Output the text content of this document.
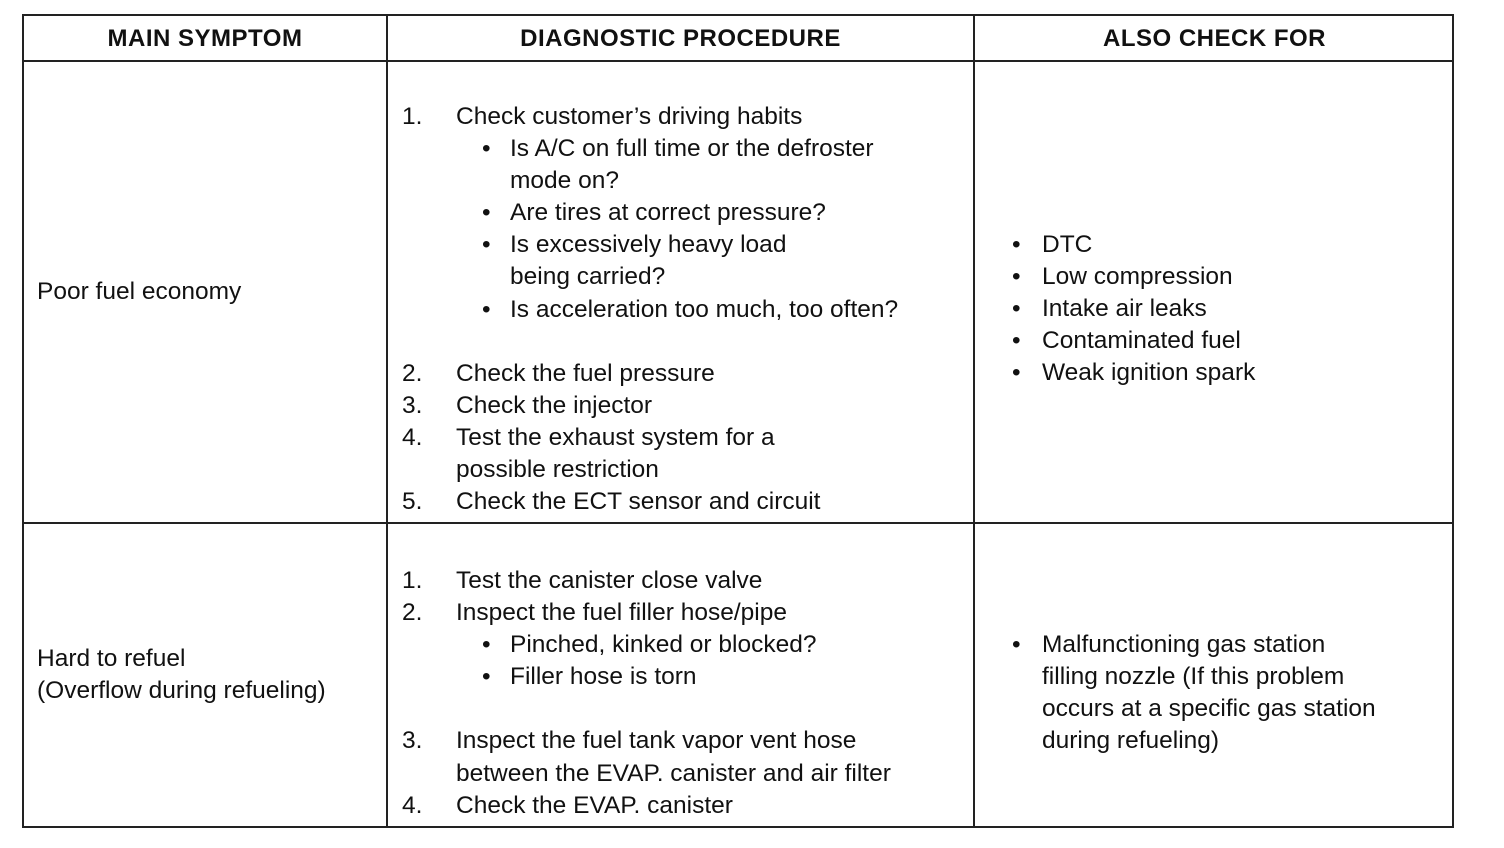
MAIN SYMPTOM	DIAGNOSTIC PROCEDURE	ALSO CHECK FOR
Poor fuel economy
1. Check customer’s driving habits
• Is A/C on full time or the defroster
mode on?
• Are tires at correct pressure?
• Is excessively heavy load
being carried?
• Is acceleration too much, too often?
2. Check the fuel pressure
3. Check the injector
4. Test the exhaust system for a
possible restriction
5. Check the ECT sensor and circuit
• DTC
• Low compression
• Intake air leaks
• Contaminated fuel
• Weak ignition spark
Hard to refuel
(Overflow during refueling)
1. Test the canister close valve
2. Inspect the fuel filler hose/pipe
• Pinched, kinked or blocked?
• Filler hose is torn
3. Inspect the fuel tank vapor vent hose
between the EVAP. canister and air filter
4. Check the EVAP. canister
• Malfunctioning gas station
filling nozzle (If this problem
occurs at a specific gas station
during refueling)
